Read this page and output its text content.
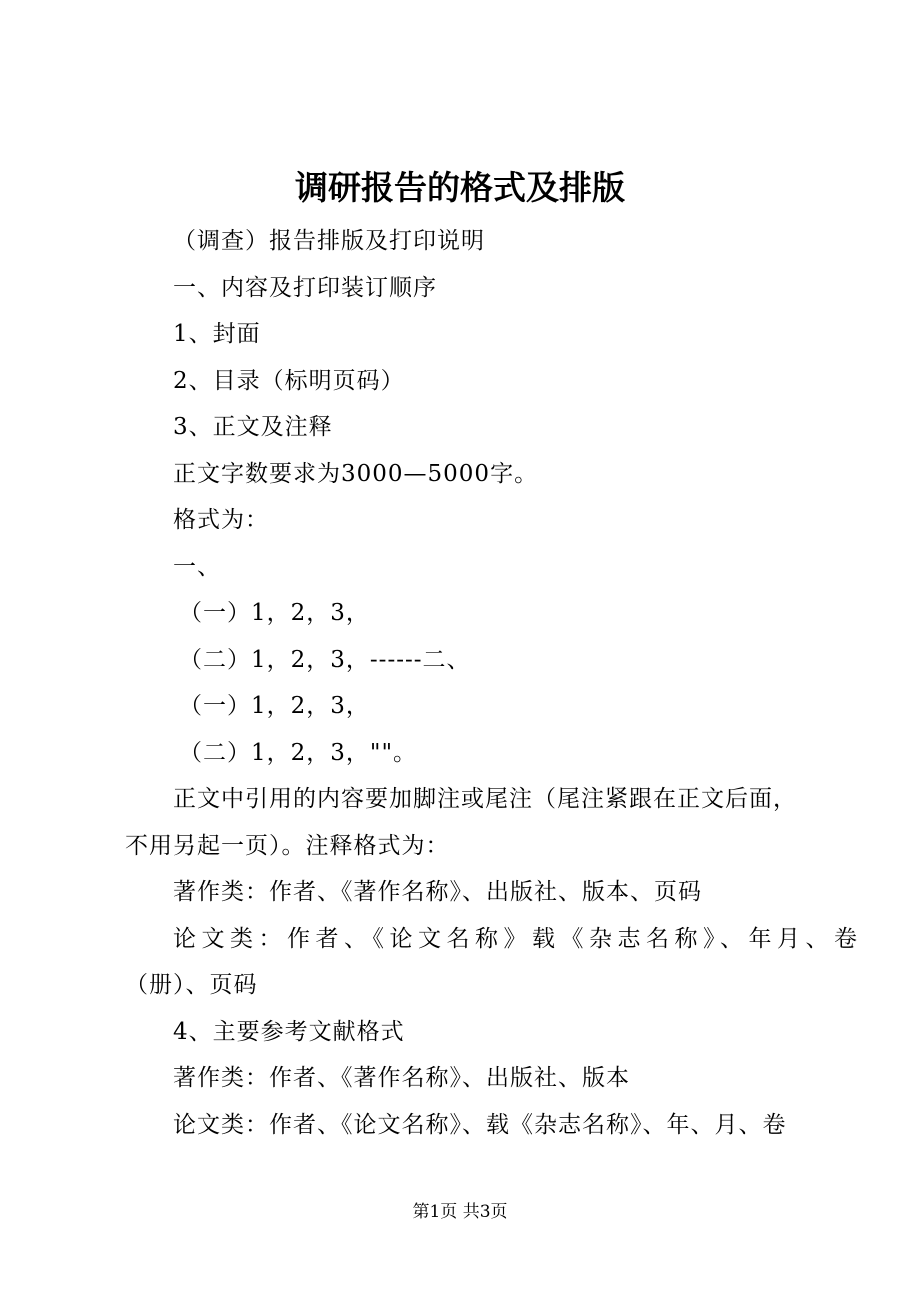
调研报告的格式及排版
（调查）报告排版及打印说明
一、内容及打印装订顺序
1、封面
2、目录（标明页码）
3、正文及注释
正文字数要求为3000—5000字。
格式为：
一、
（一）1，2，3，
（二）1，2，3，------二、
（一）1，2，3，
（二）1，2，3，""。
正文中引用的内容要加脚注或尾注（尾注紧跟在正文后面，
不用另起一页）。注释格式为：
著作类：作者、《著作名称》、出版社、版本、页码
论文类：作者、《论文名称》载《杂志名称》、年月、卷
（册）、页码
4、主要参考文献格式
著作类：作者、《著作名称》、出版社、版本
论文类：作者、《论文名称》、载《杂志名称》、年、月、卷
第1页 共3页
